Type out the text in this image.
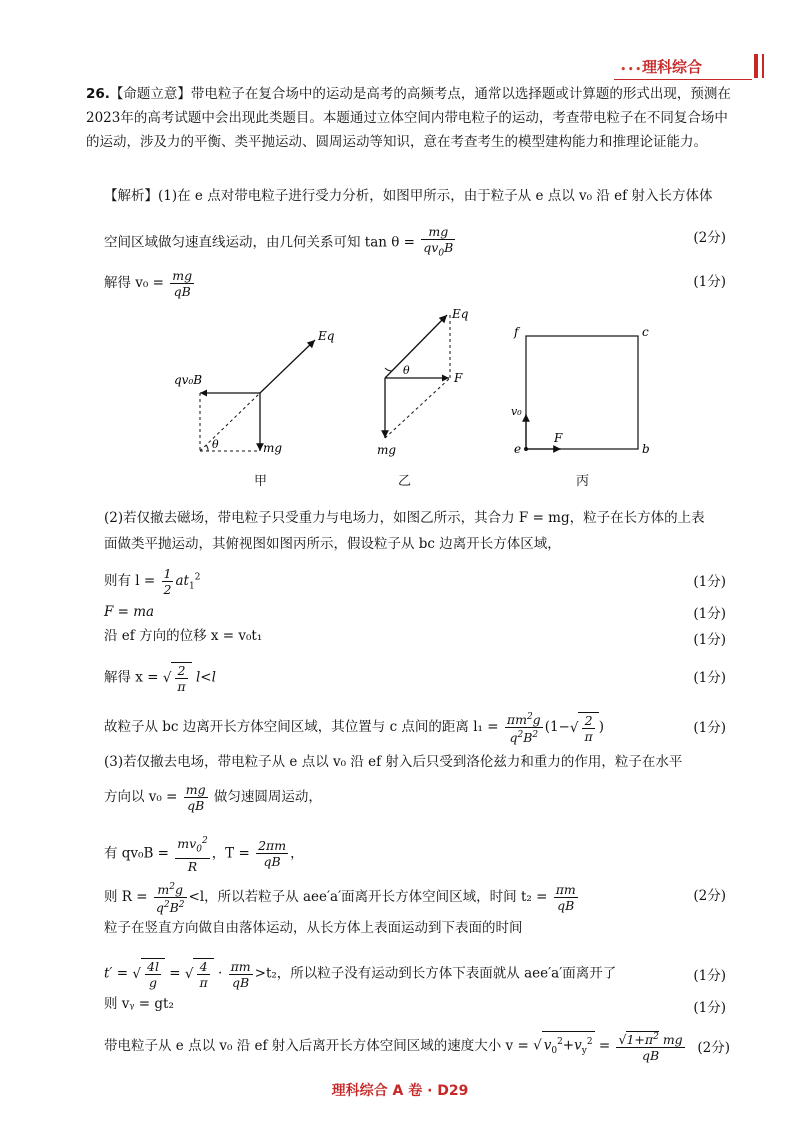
••• 理科综合
26.【命题立意】带电粒子在复合场中的运动是高考的高频考点，通常以选择题或计算题的形式出现，预测在2023年的高考试题中会出现此类题目。本题通过立体空间内带电粒子的运动，考查带电粒子在不同复合场中的运动，涉及力的平衡、类平抛运动、圆周运动等知识，意在考查考生的模型建构能力和推理论证能力。
【解析】(1)在 e 点对带电粒子进行受力分析，如图甲所示，由于粒子从 e 点以 v₀ 沿 ef 射入长方体体
空间区域做匀速直线运动，由几何关系可知 $\tan \theta = \frac{mg}{qv_0B}$	(2分)
解得 $v_0 = \frac{mg}{qB}$	(1分)
Eq
qv₀B
mg
θ
Eq
F
mg
θ
f	c
e	b
v₀
F
甲	乙	丙
(2)若仅撤去磁场，带电粒子只受重力与电场力，如图乙所示，其合力 F = mg，粒子在长方体的上表
面做类平抛运动，其俯视图如图丙所示，假设粒子从 bc 边离开长方体区域，
则有 $l = \frac{1}{2} at_1^2$	(1分)
F = ma	(1分)
沿 ef 方向的位移 x = v₀t₁	(1分)
解得 x = √ $\frac{2}{\pi} l<l$	(1分)
故粒子从 bc 边离开长方体空间区域，其位置与 c 点间的距离 $l_1 = \frac{\pi m^2g}{q^2B^2} (1-√ \frac{2}{\pi}$ )	(1分)
(3)若仅撤去电场，带电粒子从 e 点以 v₀ 沿 ef 射入后只受到洛伦兹力和重力的作用，粒子在水平
方向以 $v_0 = \frac{mg}{qB}$ 做匀速圆周运动，
有 $qv_0B = \frac{mv_0^2}{R}$ ，$T = \frac{2\pi m}{qB}$ ，
则 $R = \frac{m^2g}{q^2B^2} <l$，所以若粒子从 aee′a′面离开长方体空间区域，时间 $t_2 = \frac{\pi m}{qB}$	(2分)
粒子在竖直方向做自由落体运动，从长方体上表面运动到下表面的时间
t′ = √ $\frac{4l}{g}$ = √ $\frac{4}{\pi} \cdot \frac{\pi m}{qB} >t_2$，所以粒子没有运动到长方体下表面就从 aee′a′面离开了	(1分)
则 vᵧ = gt₂	(1分)
带电粒子从 e 点以 v₀ 沿 ef 射入后离开长方体空间区域的速度大小 v = √ $v_0^2+v_y^2 = \frac{√1+\pi^2 mg}{qB} (2$分)
理科综合 A 卷 · D29
